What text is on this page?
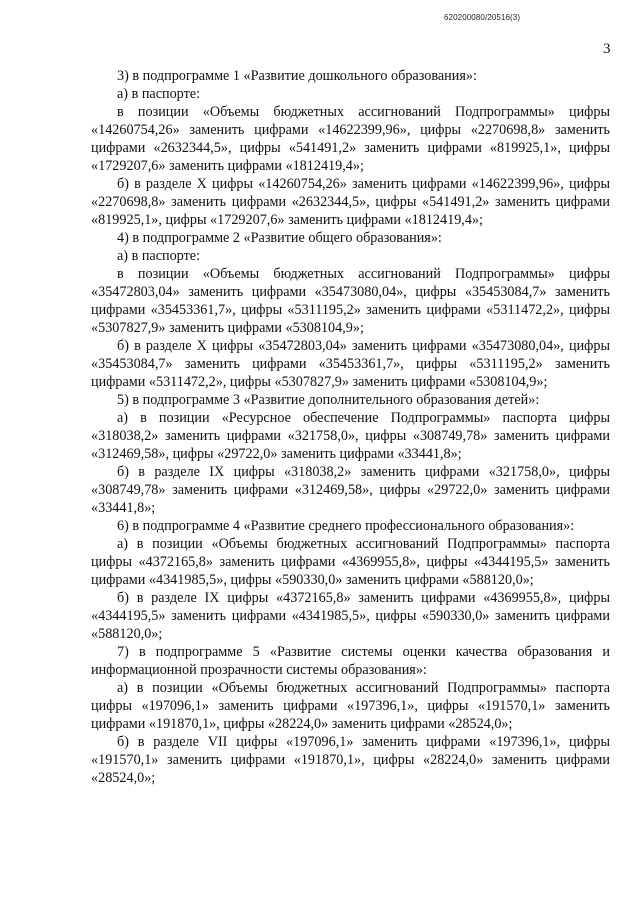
620200080/20516(3)
3

3) в подпрограмме 1 «Развитие дошкольного образования»:

а) в паспорте:

в позиции «Объемы бюджетных ассигнований Подпрограммы» цифры «14260754,26» заменить цифрами «14622399,96», цифры «2270698,8» заменить цифрами «2632344,5», цифры «541491,2» заменить цифрами «819925,1», цифры «1729207,6» заменить цифрами «1812419,4»;

б) в разделе X цифры «14260754,26» заменить цифрами «14622399,96», цифры «2270698,8» заменить цифрами «2632344,5», цифры «541491,2» заменить цифрами «819925,1», цифры «1729207,6» заменить цифрами «1812419,4»;

4) в подпрограмме 2 «Развитие общего образования»:

а) в паспорте:

в позиции «Объемы бюджетных ассигнований Подпрограммы» цифры «35472803,04» заменить цифрами «35473080,04», цифры «35453084,7» заменить цифрами «35453361,7», цифры «5311195,2» заменить цифрами «5311472,2», цифры «5307827,9» заменить цифрами «5308104,9»;

б) в разделе X цифры «35472803,04» заменить цифрами «35473080,04», цифры «35453084,7» заменить цифрами «35453361,7», цифры «5311195,2» заменить цифрами «5311472,2», цифры «5307827,9» заменить цифрами «5308104,9»;

5) в подпрограмме 3 «Развитие дополнительного образования детей»:

а) в позиции «Ресурсное обеспечение Подпрограммы» паспорта цифры «318038,2» заменить цифрами «321758,0», цифры «308749,78» заменить цифрами «312469,58», цифры «29722,0» заменить цифрами «33441,8»;

б) в разделе IX цифры «318038,2» заменить цифрами «321758,0», цифры «308749,78» заменить цифрами «312469,58», цифры «29722,0» заменить цифрами «33441,8»;

6) в подпрограмме 4 «Развитие среднего профессионального образования»:

а) в позиции «Объемы бюджетных ассигнований Подпрограммы» паспорта цифры «4372165,8» заменить цифрами «4369955,8», цифры «4344195,5» заменить цифрами «4341985,5», цифры «590330,0» заменить цифрами «588120,0»;

б) в разделе IX цифры «4372165,8» заменить цифрами «4369955,8», цифры «4344195,5» заменить цифрами «4341985,5», цифры «590330,0» заменить цифрами «588120,0»;

7) в подпрограмме 5 «Развитие системы оценки качества образования и информационной прозрачности системы образования»:

а) в позиции «Объемы бюджетных ассигнований Подпрограммы» паспорта цифры «197096,1» заменить цифрами «197396,1», цифры «191570,1» заменить цифрами «191870,1», цифры «28224,0» заменить цифрами «28524,0»;

б) в разделе VII цифры «197096,1» заменить цифрами «197396,1», цифры «191570,1» заменить цифрами «191870,1», цифры «28224,0» заменить цифрами «28524,0»;
